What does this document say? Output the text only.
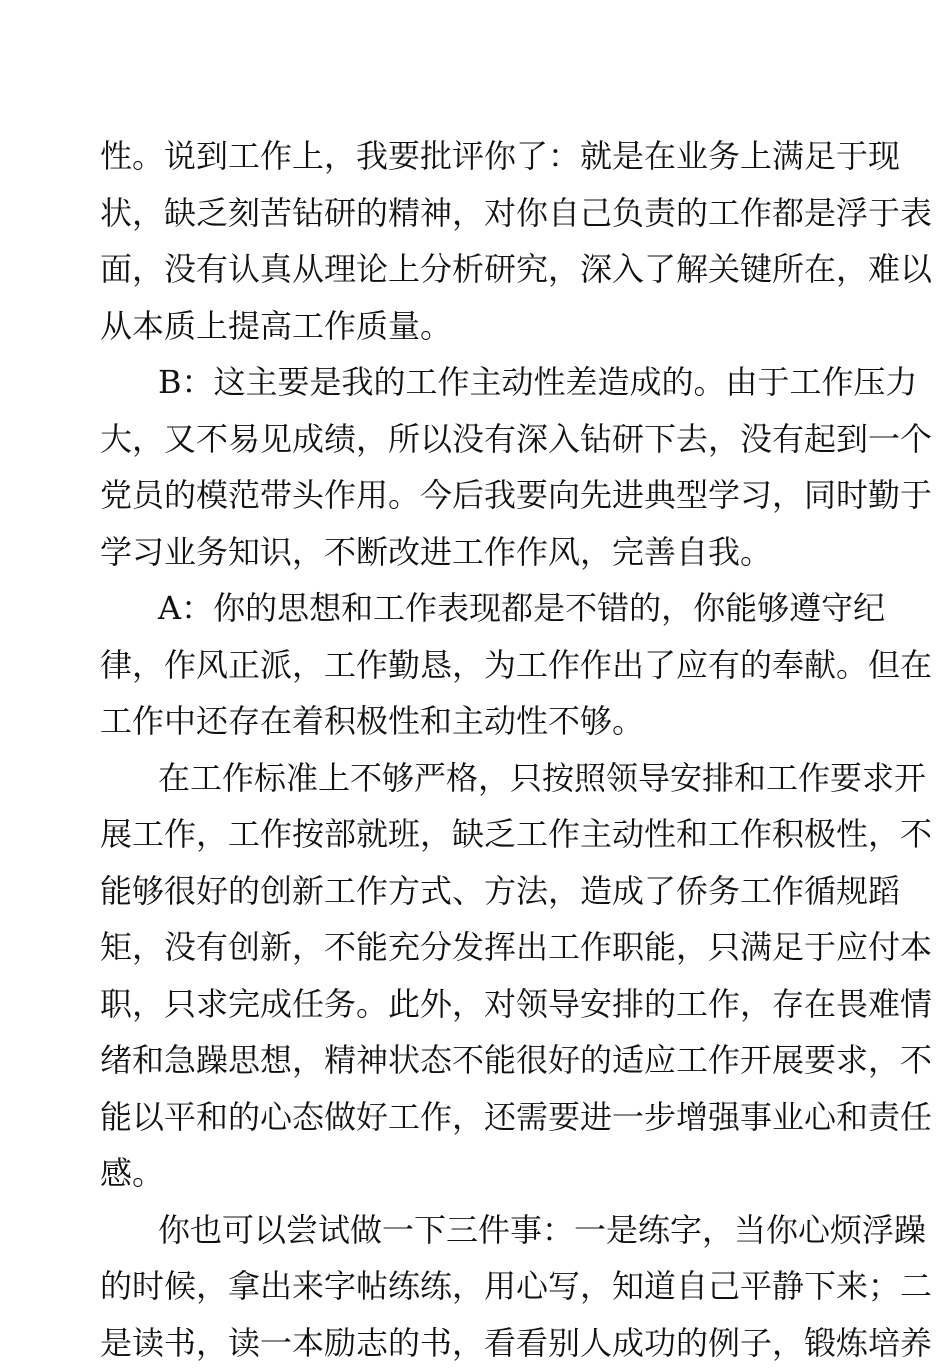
性。说到工作上，我要批评你了：就是在业务上满足于现
状，缺乏刻苦钻研的精神，对你自己负责的工作都是浮于表
面，没有认真从理论上分析研究，深入了解关键所在，难以
从本质上提高工作质量。
B：这主要是我的工作主动性差造成的。由于工作压力
大，又不易见成绩，所以没有深入钻研下去，没有起到一个
党员的模范带头作用。今后我要向先进典型学习，同时勤于
学习业务知识，不断改进工作作风，完善自我。
A：你的思想和工作表现都是不错的，你能够遵守纪
律，作风正派，工作勤恳，为工作作出了应有的奉献。但在
工作中还存在着积极性和主动性不够。
在工作标准上不够严格，只按照领导安排和工作要求开
展工作，工作按部就班，缺乏工作主动性和工作积极性，不
能够很好的创新工作方式、方法，造成了侨务工作循规蹈
矩，没有创新，不能充分发挥出工作职能，只满足于应付本
职，只求完成任务。此外，对领导安排的工作，存在畏难情
绪和急躁思想，精神状态不能很好的适应工作开展要求，不
能以平和的心态做好工作，还需要进一步增强事业心和责任
感。
你也可以尝试做一下三件事：一是练字，当你心烦浮躁
的时候，拿出来字帖练练，用心写，知道自己平静下来；二
是读书，读一本励志的书，看看别人成功的例子，锻炼培养
